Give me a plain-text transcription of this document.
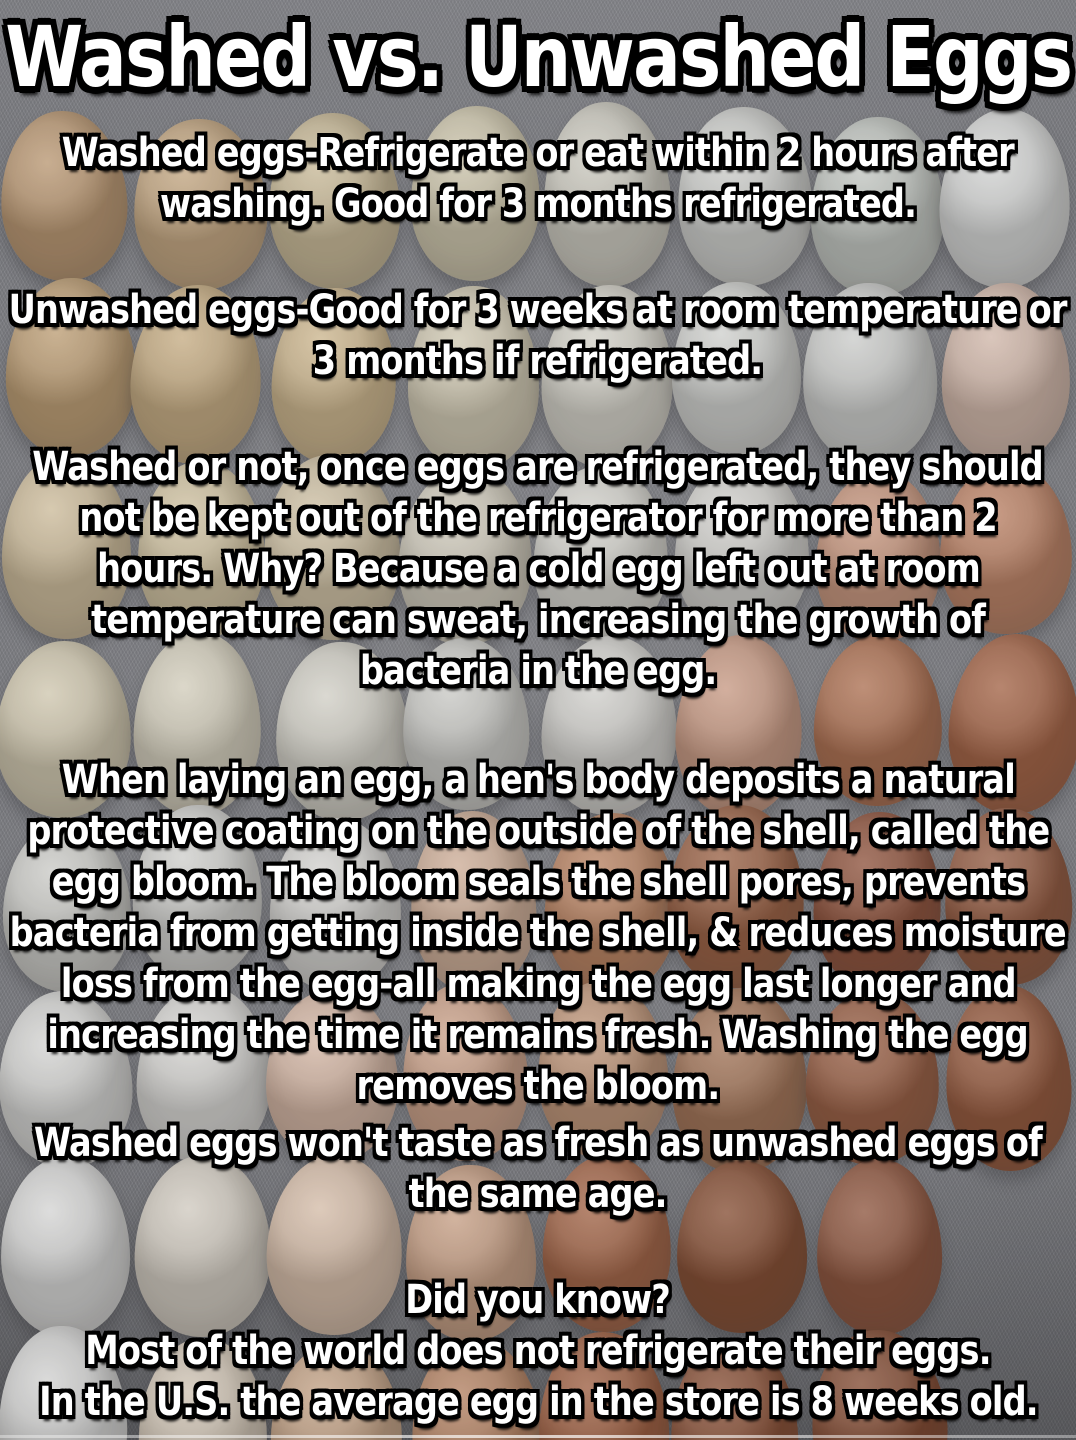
Washed vs. Unwashed Eggs
Washed eggs-Refrigerate or eat within 2 hours after
washing. Good for 3 months refrigerated.
Unwashed eggs-Good for 3 weeks at room temperature or
3 months if refrigerated.
Washed or not, once eggs are refrigerated, they should
not be kept out of the refrigerator for more than 2
hours. Why? Because a cold egg left out at room
temperature can sweat, increasing the growth of
bacteria in the egg.
When laying an egg, a hen's body deposits a natural
protective coating on the outside of the shell, called the
egg bloom. The bloom seals the shell pores, prevents
bacteria from getting inside the shell, & reduces moisture
loss from the egg-all making the egg last longer and
increasing the time it remains fresh. Washing the egg
removes the bloom.
Washed eggs won't taste as fresh as unwashed eggs of
the same age.
Did you know?
Most of the world does not refrigerate their eggs.
In the U.S. the average egg in the store is 8 weeks old.
